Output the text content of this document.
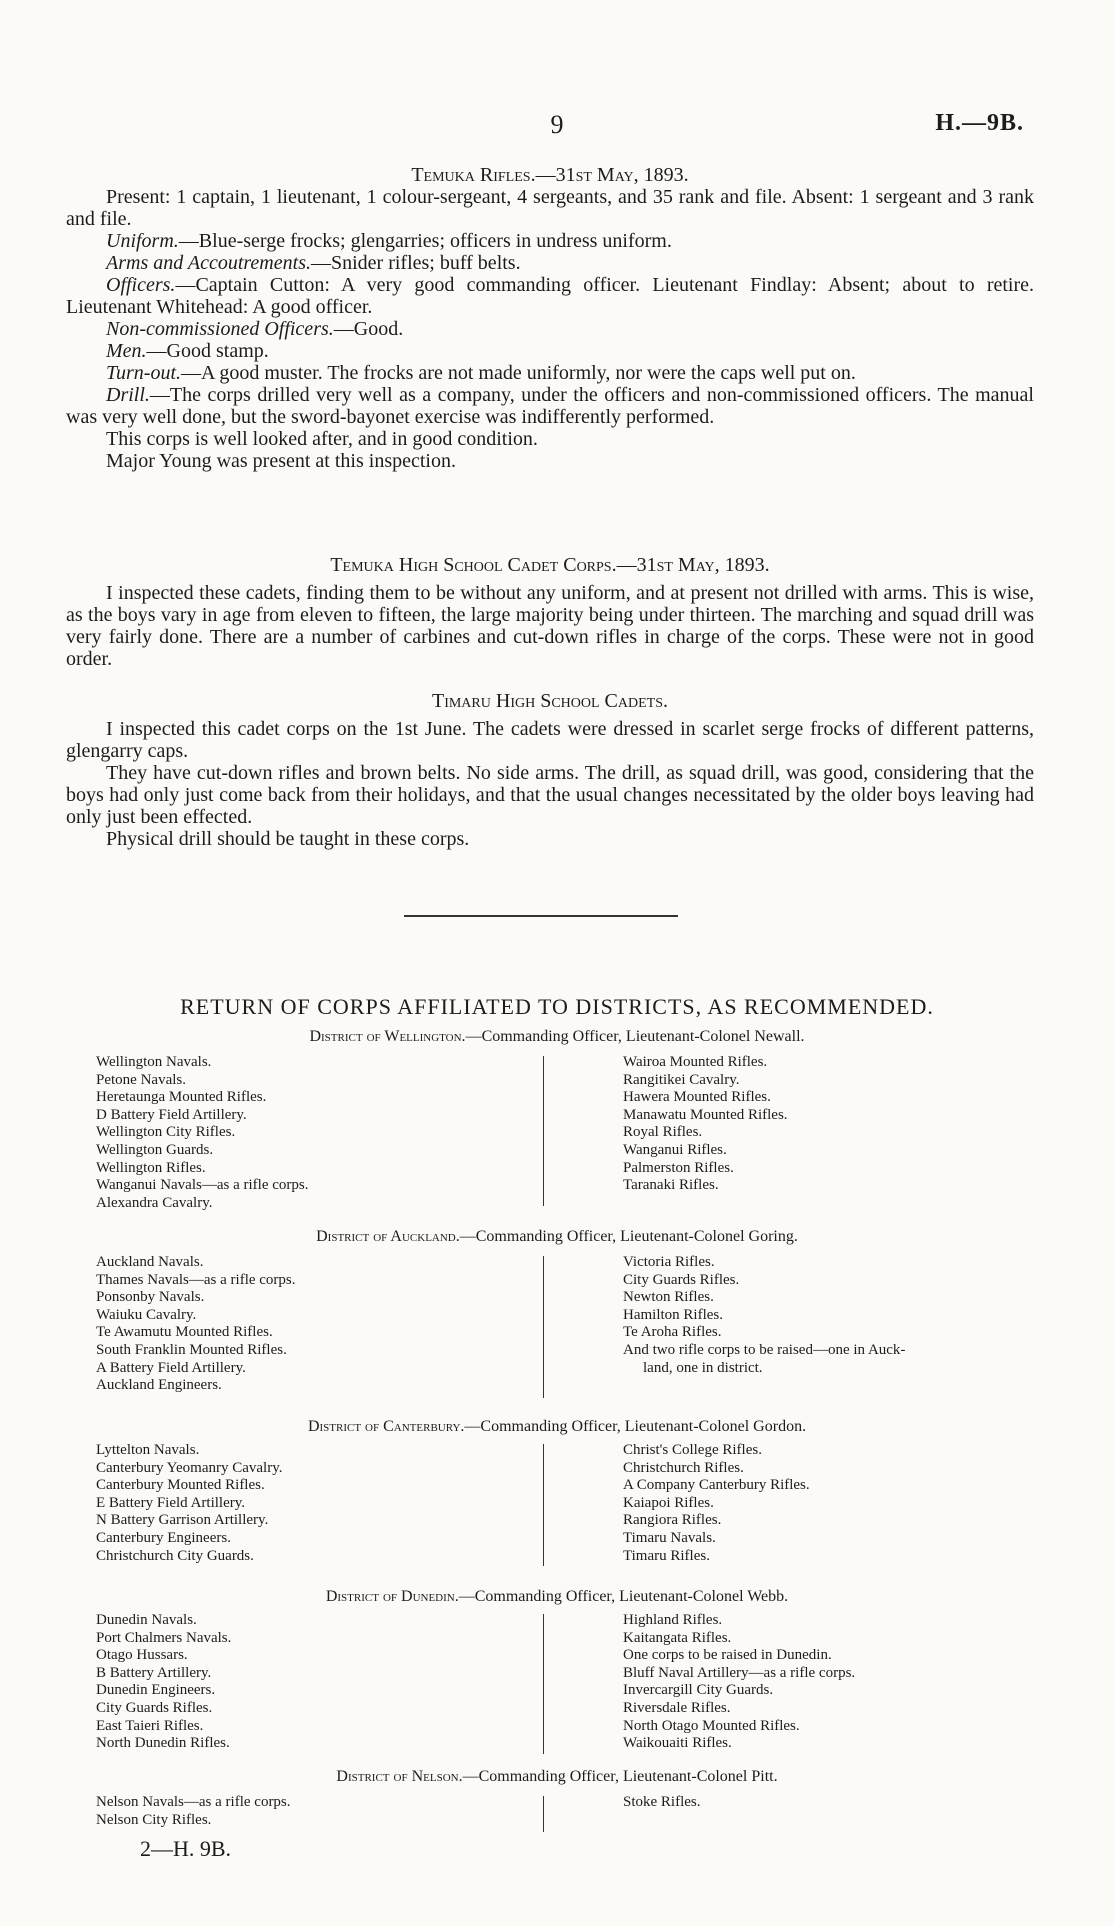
9	H.—9B.

Temuka Rifles.—31st May, 1893.

Present: 1 captain, 1 lieutenant, 1 colour-sergeant, 4 sergeants, and 35 rank and file. Absent: 1 sergeant and 3 rank and file.

Uniform.—Blue-serge frocks; glengarries; officers in undress uniform.

Arms and Accoutrements.—Snider rifles; buff belts.

Officers.—Captain Cutton: A very good commanding officer. Lieutenant Findlay: Absent; about to retire. Lieutenant Whitehead: A good officer.

Non-commissioned Officers.—Good.

Men.—Good stamp.

Turn-out.—A good muster. The frocks are not made uniformly, nor were the caps well put on.

Drill.—The corps drilled very well as a company, under the officers and non-commissioned officers. The manual was very well done, but the sword-bayonet exercise was indifferently performed.

This corps is well looked after, and in good condition.

Major Young was present at this inspection.

Temuka High School Cadet Corps.—31st May, 1893.

I inspected these cadets, finding them to be without any uniform, and at present not drilled with arms. This is wise, as the boys vary in age from eleven to fifteen, the large majority being under thirteen. The marching and squad drill was very fairly done. There are a number of carbines and cut-down rifles in charge of the corps. These were not in good order.

Timaru High School Cadets.

I inspected this cadet corps on the 1st June. The cadets were dressed in scarlet serge frocks of different patterns, glengarry caps.

They have cut-down rifles and brown belts. No side arms. The drill, as squad drill, was good, considering that the boys had only just come back from their holidays, and that the usual changes necessitated by the older boys leaving had only just been effected.

Physical drill should be taught in these corps.

RETURN OF CORPS AFFILIATED TO DISTRICTS, AS RECOMMENDED.
District of Wellington.—Commanding Officer, Lieutenant-Colonel Newall.
Wellington Navals.
Petone Navals.
Heretaunga Mounted Rifles.
D Battery Field Artillery.
Wellington City Rifles.
Wellington Guards.
Wellington Rifles.
Wanganui Navals—as a rifle corps.
Alexandra Cavalry.
Wairoa Mounted Rifles.
Rangitikei Cavalry.
Hawera Mounted Rifles.
Manawatu Mounted Rifles.
Royal Rifles.
Wanganui Rifles.
Palmerston Rifles.
Taranaki Rifles.
District of Auckland.—Commanding Officer, Lieutenant-Colonel Goring.
Auckland Navals.
Thames Navals—as a rifle corps.
Ponsonby Navals.
Waiuku Cavalry.
Te Awamutu Mounted Rifles.
South Franklin Mounted Rifles.
A Battery Field Artillery.
Auckland Engineers.
Victoria Rifles.
City Guards Rifles.
Newton Rifles.
Hamilton Rifles.
Te Aroha Rifles.
And two rifle corps to be raised—one in Auck-
land, one in district.
District of Canterbury.—Commanding Officer, Lieutenant-Colonel Gordon.
Lyttelton Navals.
Canterbury Yeomanry Cavalry.
Canterbury Mounted Rifles.
E Battery Field Artillery.
N Battery Garrison Artillery.
Canterbury Engineers.
Christchurch City Guards.
Christ's College Rifles.
Christchurch Rifles.
A Company Canterbury Rifles.
Kaiapoi Rifles.
Rangiora Rifles.
Timaru Navals.
Timaru Rifles.
District of Dunedin.—Commanding Officer, Lieutenant-Colonel Webb.
Dunedin Navals.
Port Chalmers Navals.
Otago Hussars.
B Battery Artillery.
Dunedin Engineers.
City Guards Rifles.
East Taieri Rifles.
North Dunedin Rifles.
Highland Rifles.
Kaitangata Rifles.
One corps to be raised in Dunedin.
Bluff Naval Artillery—as a rifle corps.
Invercargill City Guards.
Riversdale Rifles.
North Otago Mounted Rifles.
Waikouaiti Rifles.
District of Nelson.—Commanding Officer, Lieutenant-Colonel Pitt.
Nelson Navals—as a rifle corps.
Nelson City Rifles.
Stoke Rifles.
2—H. 9B.
